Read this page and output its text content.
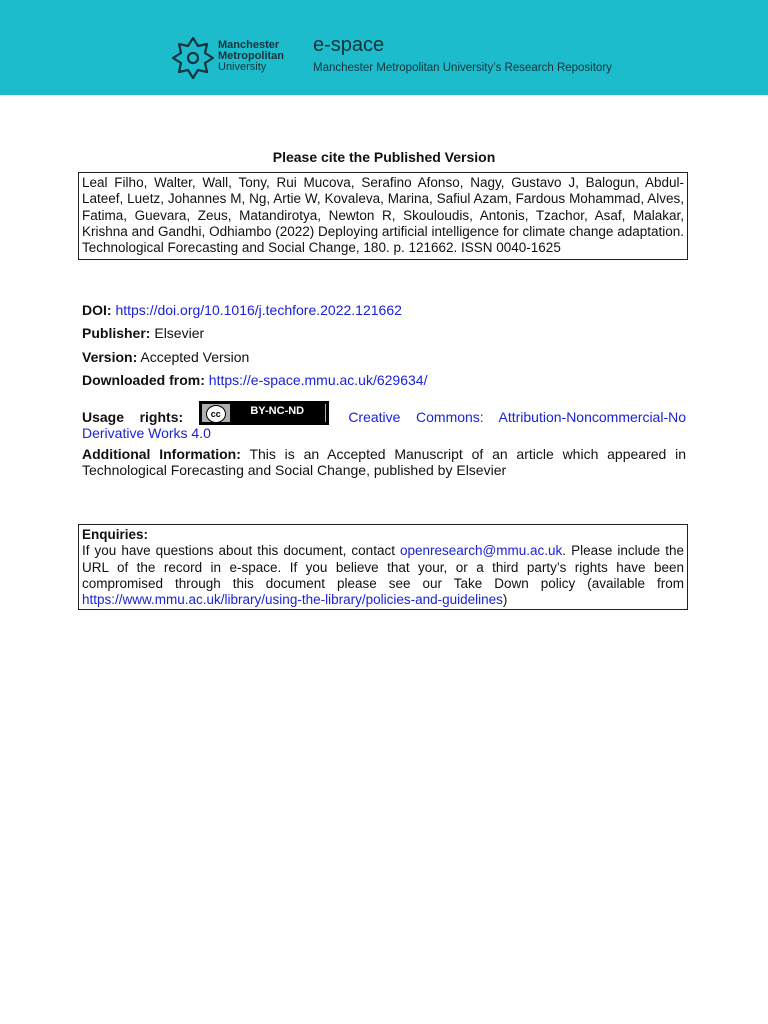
Manchester
Metropolitan
University
e-space
Manchester Metropolitan University’s Research Repository
Please cite the Published Version
Leal Filho, Walter, Wall, Tony, Rui Mucova, Serafino Afonso, Nagy, Gustavo J, Balogun, Abdul-Lateef, Luetz, Johannes M, Ng, Artie W, Kovaleva, Marina, Safiul Azam, Fardous Mohammad, Alves, Fatima, Guevara, Zeus, Matandirotya, Newton R, Skouloudis, Antonis, Tzachor, Asaf, Malakar, Krishna and Gandhi, Odhiambo (2022) Deploying artificial intelligence for climate change adaptation. Technological Forecasting and Social Change, 180. p. 121662. ISSN 0040-1625
DOI: https://doi.org/10.1016/j.techfore.2022.121662
Publisher: Elsevier
Version: Accepted Version
Downloaded from: https://e-space.mmu.ac.uk/629634/
Usage rights:	cc	BY-NC-ND	Creative Commons: Attribution-Noncommercial-No Derivative Works 4.0
Additional Information: This is an Accepted Manuscript of an article which appeared in Technological Forecasting and Social Change, published by Elsevier
Enquiries:
If you have questions about this document, contact openresearch@mmu.ac.uk. Please include the URL of the record in e-space. If you believe that your, or a third party’s rights have been compromised through this document please see our Take Down policy (available from https://www.mmu.ac.uk/library/using-the-library/policies-and-guidelines)
